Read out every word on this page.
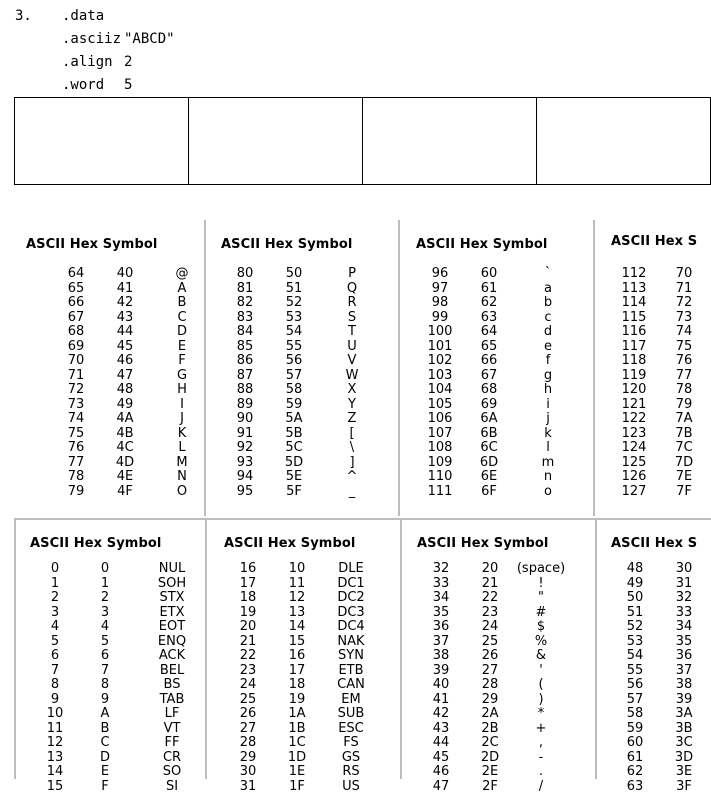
3. .data
.asciiz "ABCD"
.align 2
.word 5

ASCII Hex Symbol
64	40	@
65	41	A
66	42	B
67	43	C
68	44	D
69	45	E
70	46	F
71	47	G
72	48	H
73	49	I
74	4A	J
75	4B	K
76	4C	L
77	4D	M
78	4E	N
79	4F	O
ASCII Hex Symbol
80	50	P
81	51	Q
82	52	R
83	53	S
84	54	T
85	55	U
86	56	V
87	57	W
88	58	X
89	59	Y
90	5A	Z
91	5B	[
92	5C	\
93	5D	]
94	5E	^
95	5F	_
ASCII Hex Symbol
96	60	`
97	61	a
98	62	b
99	63	c
100	64	d
101	65	e
102	66	f
103	67	g
104	68	h
105	69	i
106	6A	j
107	6B	k
108	6C	l
109	6D	m
110	6E	n
111	6F	o
ASCII Hex S
112	70
113	71
114	72
115	73
116	74
117	75
118	76
119	77
120	78
121	79
122	7A
123	7B
124	7C
125	7D
126	7E
127	7F
ASCII Hex Symbol
0	0	NUL
1	1	SOH
2	2	STX
3	3	ETX
4	4	EOT
5	5	ENQ
6	6	ACK
7	7	BEL
8	8	BS
9	9	TAB
10	A	LF
11	B	VT
12	C	FF
13	D	CR
14	E	SO
15	F	SI
ASCII Hex Symbol
16	10	DLE
17	11	DC1
18	12	DC2
19	13	DC3
20	14	DC4
21	15	NAK
22	16	SYN
23	17	ETB
24	18	CAN
25	19	EM
26	1A	SUB
27	1B	ESC
28	1C	FS
29	1D	GS
30	1E	RS
31	1F	US
ASCII Hex Symbol
32	20	(space)
33	21	!
34	22	"
35	23	#
36	24	$
37	25	%
38	26	&
39	27	'
40	28	(
41	29	)
42	2A	*
43	2B	+
44	2C	,
45	2D	-
46	2E	.
47	2F	/
ASCII Hex S
48	30
49	31
50	32
51	33
52	34
53	35
54	36
55	37
56	38
57	39
58	3A
59	3B
60	3C
61	3D
62	3E
63	3F
